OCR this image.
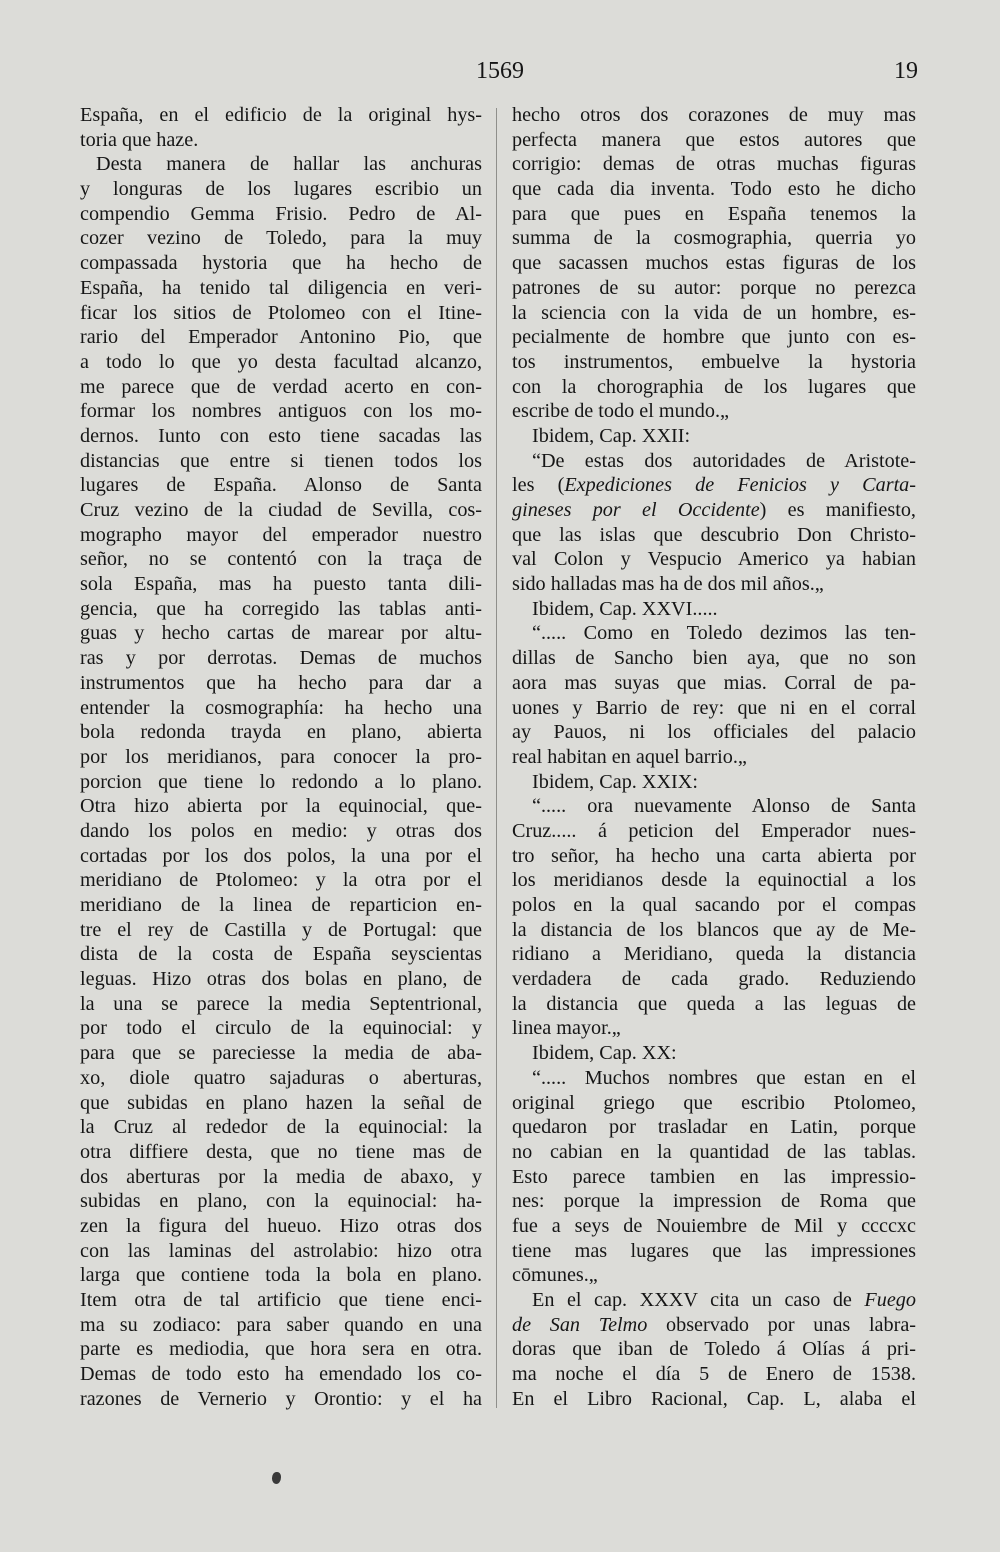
1569	19
España, en el edificio de la original hys-
toria que haze.
Desta manera de hallar las anchuras
y longuras de los lugares escribio un
compendio Gemma Frisio. Pedro de Al-
cozer vezino de Toledo, para la muy
compassada hystoria que ha hecho de
España, ha tenido tal diligencia en veri-
ficar los sitios de Ptolomeo con el Itine-
rario del Emperador Antonino Pio, que
a todo lo que yo desta facultad alcanzo,
me parece que de verdad acerto en con-
formar los nombres antiguos con los mo-
dernos. Iunto con esto tiene sacadas las
distancias que entre si tienen todos los
lugares de España. Alonso de Santa
Cruz vezino de la ciudad de Sevilla, cos-
mographo mayor del emperador nuestro
señor, no se contentó con la traça de
sola España, mas ha puesto tanta dili-
gencia, que ha corregido las tablas anti-
guas y hecho cartas de marear por altu-
ras y por derrotas. Demas de muchos
instrumentos que ha hecho para dar a
entender la cosmographía: ha hecho una
bola redonda trayda en plano, abierta
por los meridianos, para conocer la pro-
porcion que tiene lo redondo a lo plano.
Otra hizo abierta por la equinocial, que-
dando los polos en medio: y otras dos
cortadas por los dos polos, la una por el
meridiano de Ptolomeo: y la otra por el
meridiano de la linea de reparticion en-
tre el rey de Castilla y de Portugal: que
dista de la costa de España seyscientas
leguas. Hizo otras dos bolas en plano, de
la una se parece la media Septentrional,
por todo el circulo de la equinocial: y
para que se pareciesse la media de aba-
xo, diole quatro sajaduras o aberturas,
que subidas en plano hazen la señal de
la Cruz al rededor de la equinocial: la
otra diffiere desta, que no tiene mas de
dos aberturas por la media de abaxo, y
subidas en plano, con la equinocial: ha-
zen la figura del hueuo. Hizo otras dos
con las laminas del astrolabio: hizo otra
larga que contiene toda la bola en plano.
Item otra de tal artificio que tiene enci-
ma su zodiaco: para saber quando en una
parte es mediodia, que hora sera en otra.
Demas de todo esto ha emendado los co-
razones de Vernerio y Orontio: y el ha
hecho otros dos corazones de muy mas
perfecta manera que estos autores que
corrigio: demas de otras muchas figuras
que cada dia inventa. Todo esto he dicho
para que pues en España tenemos la
summa de la cosmographia, querria yo
que sacassen muchos estas figuras de los
patrones de su autor: porque no perezca
la sciencia con la vida de un hombre, es-
pecialmente de hombre que junto con es-
tos instrumentos, embuelve la hystoria
con la chorographia de los lugares que
escribe de todo el mundo.„
Ibidem, Cap. XXII:
“De estas dos autoridades de Aristote-
les (Expediciones de Fenicios y Carta-
gineses por el Occidente) es manifiesto,
que las islas que descubrio Don Christo-
val Colon y Vespucio Americo ya habian
sido halladas mas ha de dos mil años.„
Ibidem, Cap. XXVI.....
“..... Como en Toledo dezimos las ten-
dillas de Sancho bien aya, que no son
aora mas suyas que mias. Corral de pa-
uones y Barrio de rey: que ni en el corral
ay Pauos, ni los officiales del palacio
real habitan en aquel barrio.„
Ibidem, Cap. XXIX:
“..... ora nuevamente Alonso de Santa
Cruz..... á peticion del Emperador nues-
tro señor, ha hecho una carta abierta por
los meridianos desde la equinoctial a los
polos en la qual sacando por el compas
la distancia de los blancos que ay de Me-
ridiano a Meridiano, queda la distancia
verdadera de cada grado. Reduziendo
la distancia que queda a las leguas de
linea mayor.„
Ibidem, Cap. XX:
“..... Muchos nombres que estan en el
original griego que escribio Ptolomeo,
quedaron por trasladar en Latin, porque
no cabian en la quantidad de las tablas.
Esto parece tambien en las impressio-
nes: porque la impression de Roma que
fue a seys de Nouiembre de Mil y ccccxc
tiene mas lugares que las impressiones
cōmunes.„
En el cap. XXXV cita un caso de Fuego
de San Telmo observado por unas labra-
doras que iban de Toledo á Olías á pri-
ma noche el día 5 de Enero de 1538.
En el Libro Racional, Cap. L, alaba el
